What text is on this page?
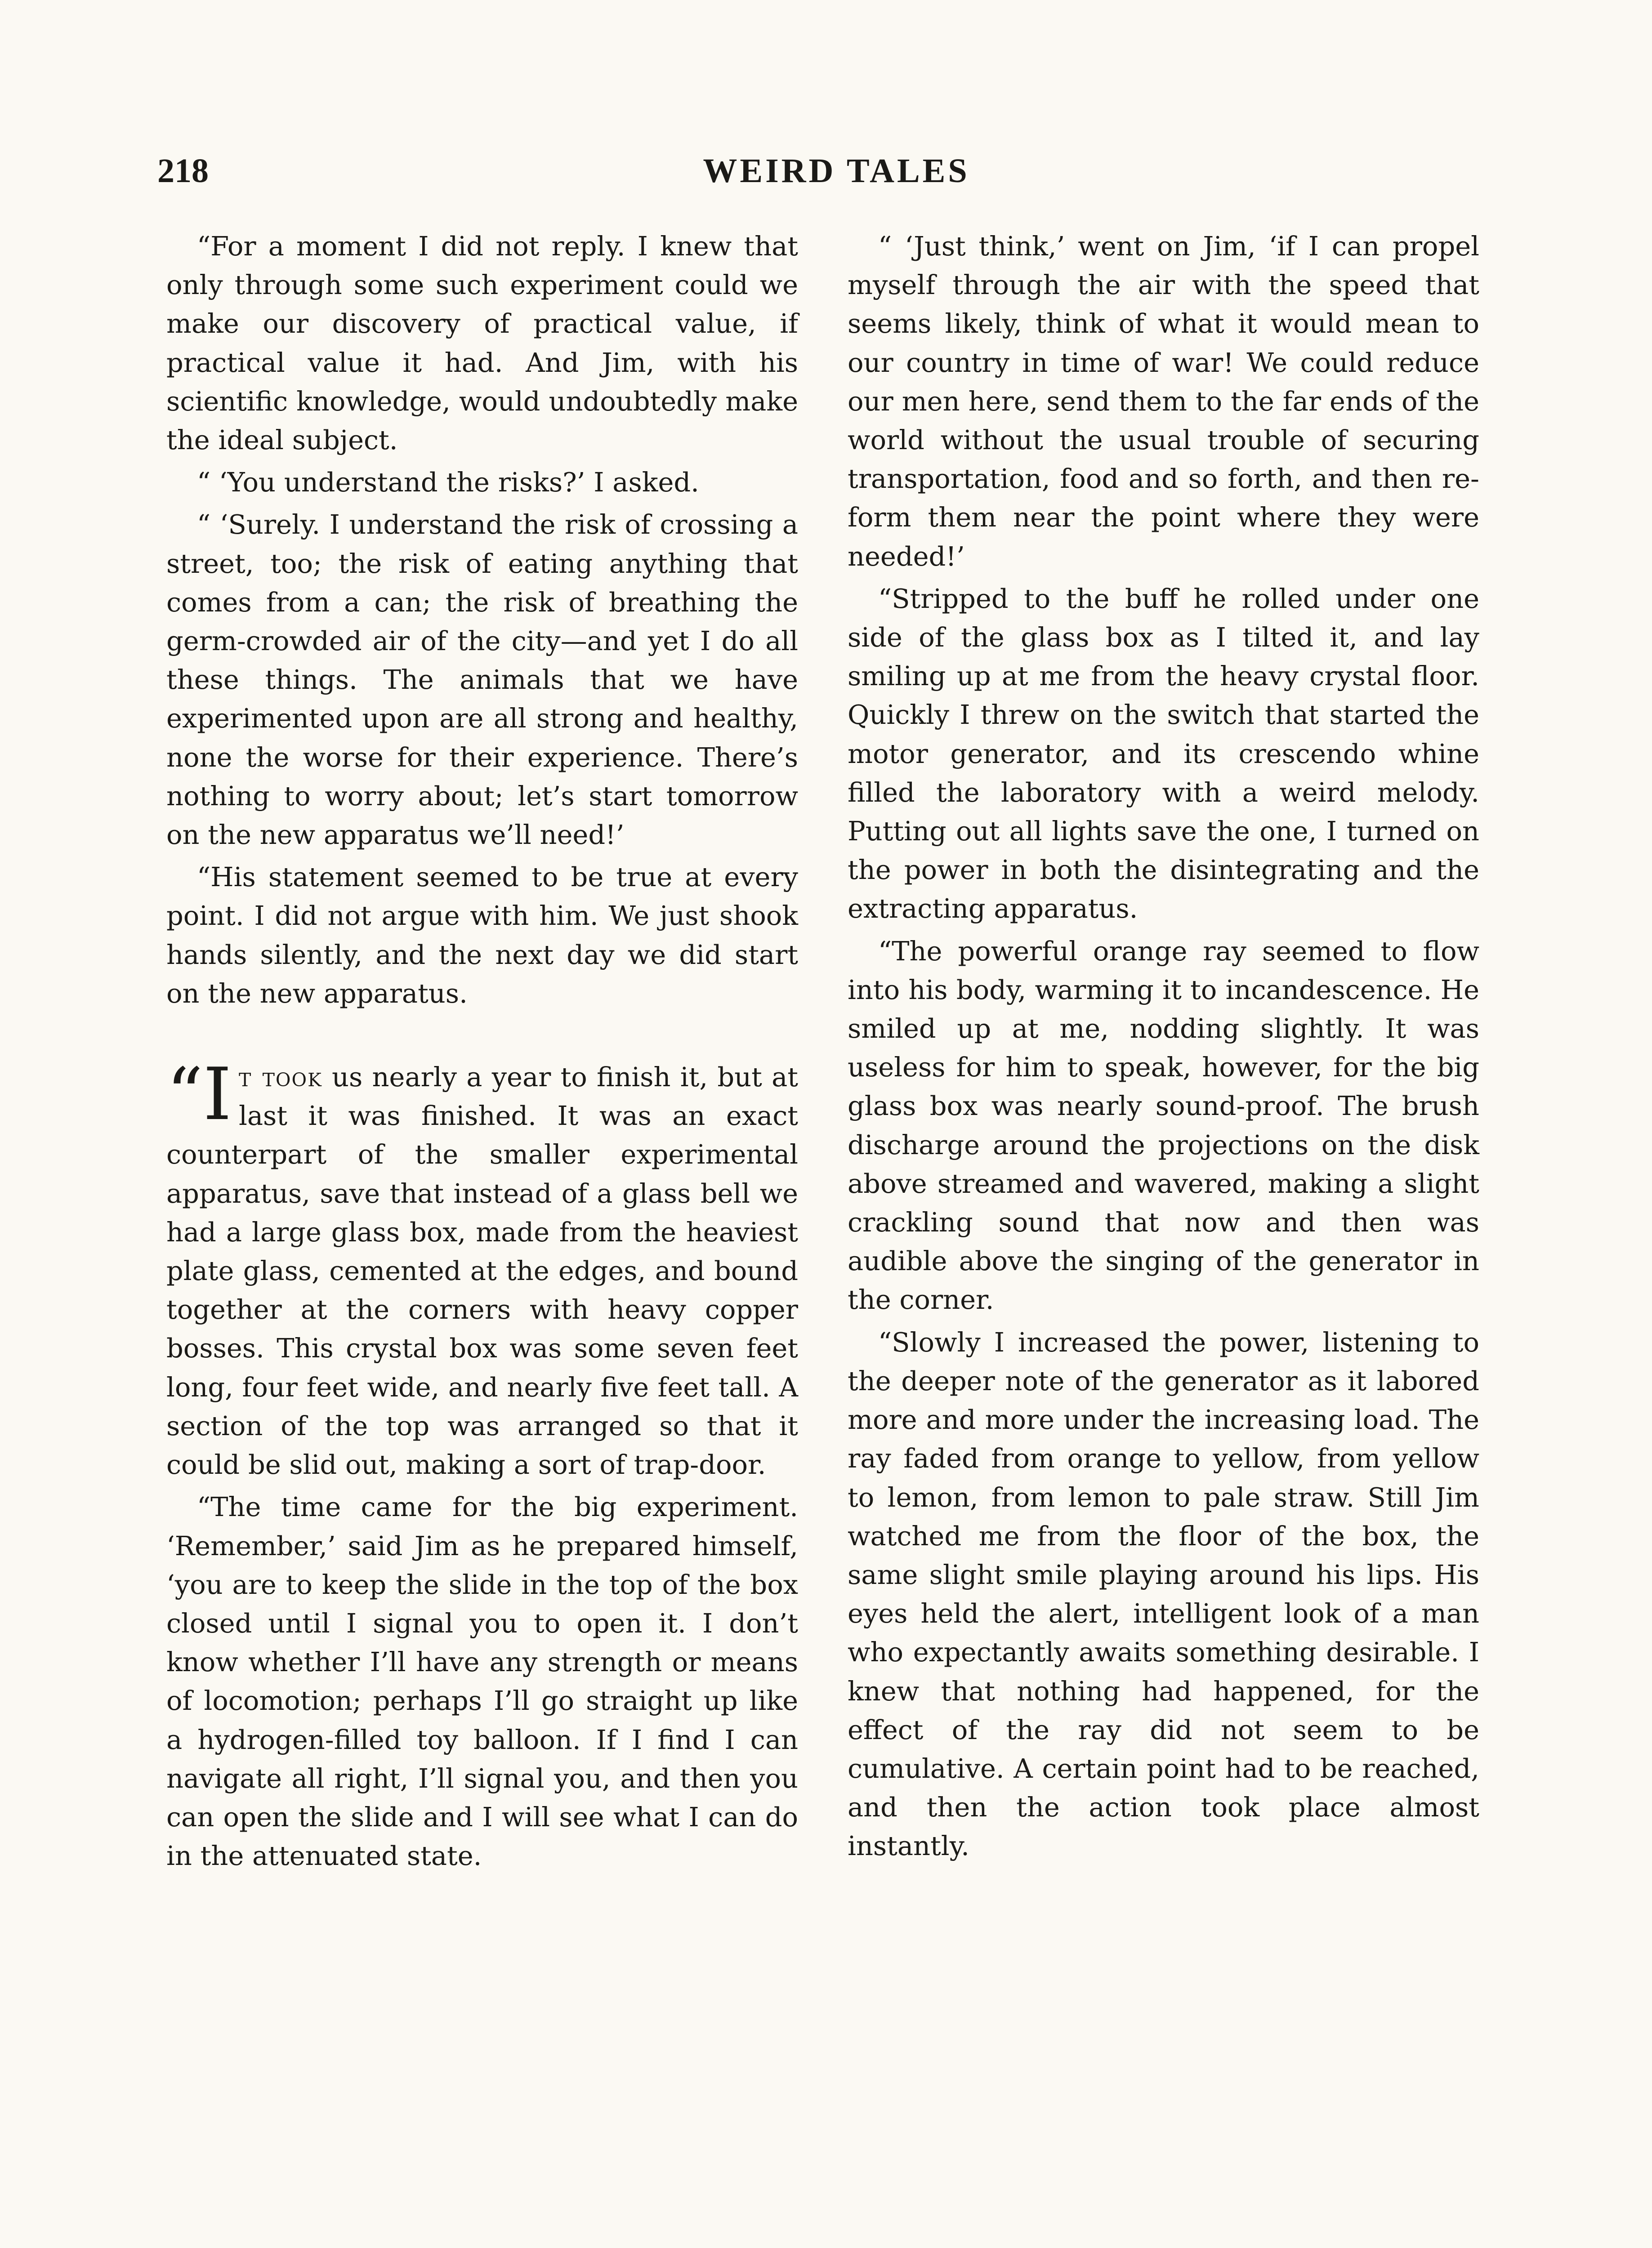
218	WEIRD TALES

“For a moment I did not reply. I knew that only through some such experiment could we make our discovery of practical value, if practical value it had. And Jim, with his scientific knowledge, would undoubtedly make the ideal subject.

“ ‘You understand the risks?’ I asked.

“ ‘Surely. I understand the risk of crossing a street, too; the risk of eating anything that comes from a can; the risk of breathing the germ-crowded air of the city—and yet I do all these things. The animals that we have experimented upon are all strong and healthy, none the worse for their experience. There’s nothing to worry about; let’s start tomorrow on the new apparatus we’ll need!’

“His statement seemed to be true at every point. I did not argue with him. We just shook hands silently, and the next day we did start on the new apparatus.

“It took us nearly a year to finish it, but at last it was finished. It was an exact counterpart of the smaller experimental apparatus, save that instead of a glass bell we had a large glass box, made from the heaviest plate glass, cemented at the edges, and bound together at the corners with heavy copper bosses. This crystal box was some seven feet long, four feet wide, and nearly five feet tall. A section of the top was arranged so that it could be slid out, making a sort of trap-door.

“The time came for the big experiment. ‘Remember,’ said Jim as he prepared himself, ‘you are to keep the slide in the top of the box closed until I signal you to open it. I don’t know whether I’ll have any strength or means of locomotion; perhaps I’ll go straight up like a hydrogen-filled toy balloon. If I find I can navigate all right, I’ll signal you, and then you can open the slide and I will see what I can do in the attenuated state.

“ ‘Just think,’ went on Jim, ‘if I can propel myself through the air with the speed that seems likely, think of what it would mean to our country in time of war! We could reduce our men here, send them to the far ends of the world without the usual trouble of securing transportation, food and so forth, and then re-form them near the point where they were needed!’

“Stripped to the buff he rolled under one side of the glass box as I tilted it, and lay smiling up at me from the heavy crystal floor. Quickly I threw on the switch that started the motor generator, and its crescendo whine filled the laboratory with a weird melody. Putting out all lights save the one, I turned on the power in both the disintegrating and the extracting apparatus.

“The powerful orange ray seemed to flow into his body, warming it to incandescence. He smiled up at me, nodding slightly. It was useless for him to speak, however, for the big glass box was nearly sound-proof. The brush discharge around the projections on the disk above streamed and wavered, making a slight crackling sound that now and then was audible above the singing of the generator in the corner.

“Slowly I increased the power, listening to the deeper note of the generator as it labored more and more under the increasing load. The ray faded from orange to yellow, from yellow to lemon, from lemon to pale straw. Still Jim watched me from the floor of the box, the same slight smile playing around his lips. His eyes held the alert, intelligent look of a man who expectantly awaits something desirable. I knew that nothing had happened, for the effect of the ray did not seem to be cumulative. A certain point had to be reached, and then the action took place almost instantly.
